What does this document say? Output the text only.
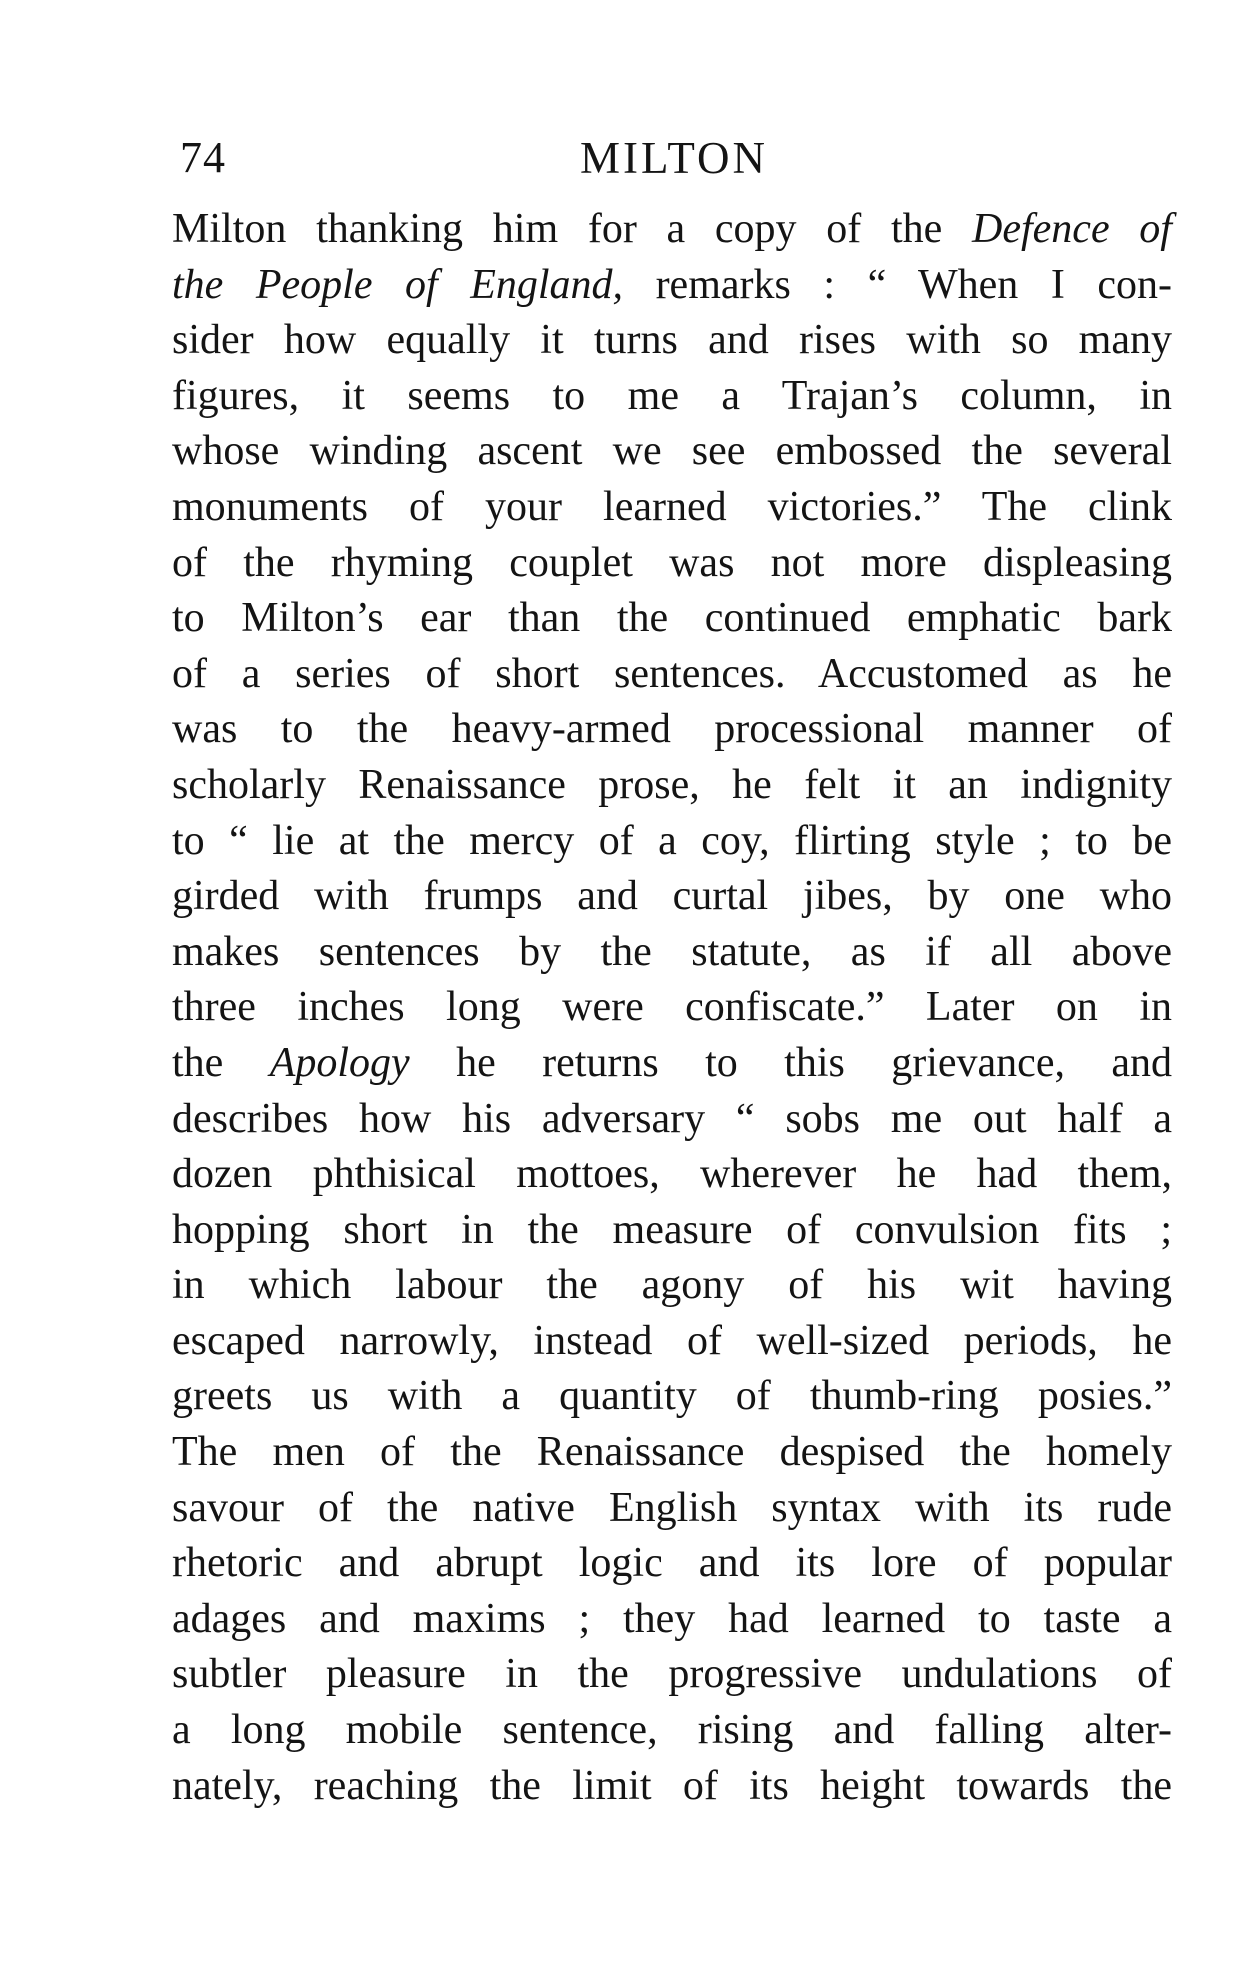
74	MILTON
Milton thanking him for a copy of the Defence of
the People of England, remarks : “ When I con-
sider how equally it turns and rises with so many
figures, it seems to me a Trajan’s column, in
whose winding ascent we see embossed the several
monuments of your learned victories.” The clink
of the rhyming couplet was not more displeasing
to Milton’s ear than the continued emphatic bark
of a series of short sentences. Accustomed as he
was to the heavy-armed processional manner of
scholarly Renaissance prose, he felt it an indignity
to “ lie at the mercy of a coy, flirting style ; to be
girded with frumps and curtal jibes, by one who
makes sentences by the statute, as if all above
three inches long were confiscate.” Later on in
the Apology he returns to this grievance, and
describes how his adversary “ sobs me out half a
dozen phthisical mottoes, wherever he had them,
hopping short in the measure of convulsion fits ;
in which labour the agony of his wit having
escaped narrowly, instead of well-sized periods, he
greets us with a quantity of thumb-ring posies.”
The men of the Renaissance despised the homely
savour of the native English syntax with its rude
rhetoric and abrupt logic and its lore of popular
adages and maxims ; they had learned to taste a
subtler pleasure in the progressive undulations of
a long mobile sentence, rising and falling alter-
nately, reaching the limit of its height towards the
